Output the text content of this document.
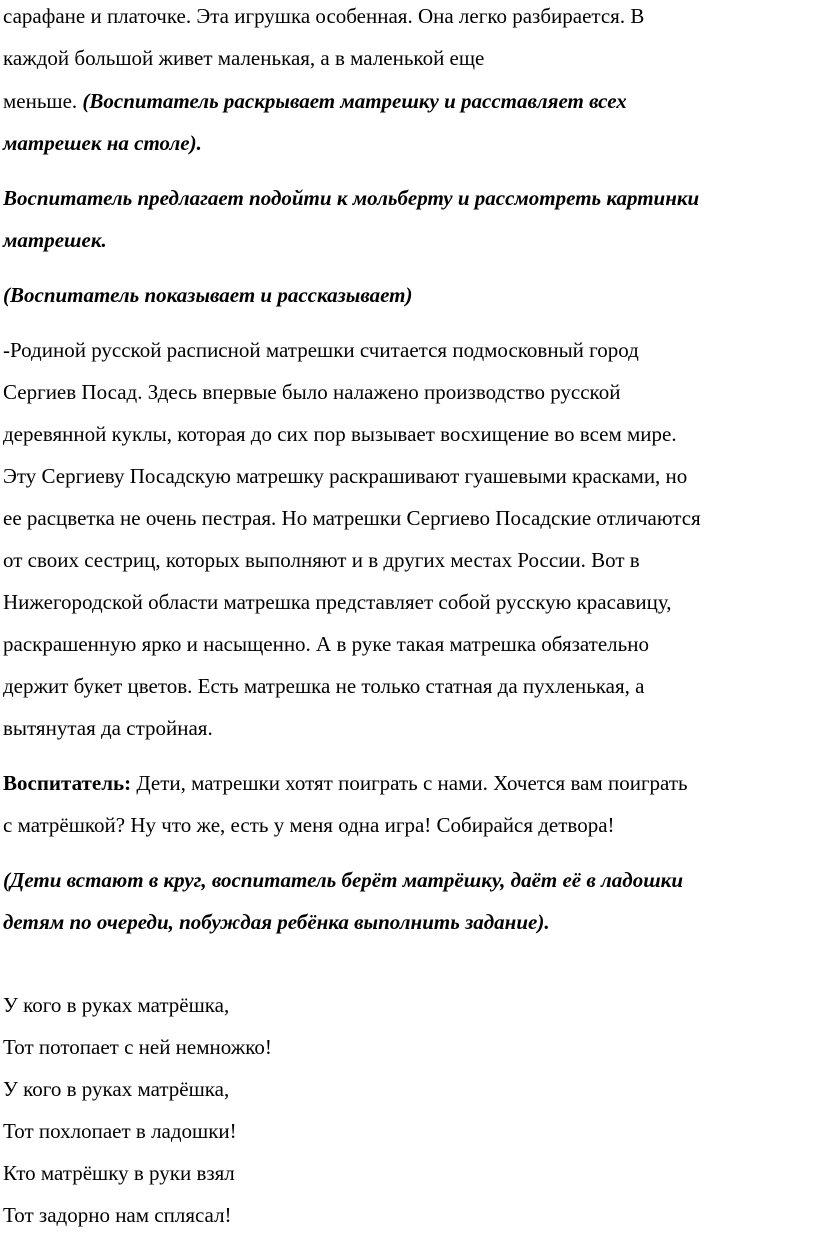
сарафане и платочке. Эта игрушка особенная. Она легко разбирается. В
каждой большой живет маленькая, а в маленькой еще
меньше. (Воспитатель раскрывает матрешку и расставляет всех
матрешек на столе).
Воспитатель предлагает подойти к мольберту и рассмотреть картинки
матрешек.
(Воспитатель показывает и рассказывает)
-Родиной русской расписной матрешки считается подмосковный город
Сергиев Посад. Здесь впервые было налажено производство русской
деревянной куклы, которая до сих пор вызывает восхищение во всем мире.
Эту Сергиеву Посадскую матрешку раскрашивают гуашевыми красками, но
ее расцветка не очень пестрая. Но матрешки Сергиево Посадские отличаются
от своих сестриц, которых выполняют и в других местах России. Вот в
Нижегородской области матрешка представляет собой русскую красавицу,
раскрашенную ярко и насыщенно. А в руке такая матрешка обязательно
держит букет цветов. Есть матрешка не только статная да пухленькая, а
вытянутая да стройная.
Воспитатель: Дети, матрешки хотят поиграть с нами. Хочется вам поиграть
с матрёшкой? Ну что же, есть у меня одна игра! Собирайся детвора!
(Дети встают в круг, воспитатель берёт матрёшку, даёт её в ладошки
детям по очереди, побуждая ребёнка выполнить задание).
У кого в руках матрёшка,
Тот потопает с ней немножко!
У кого в руках матрёшка,
Тот похлопает в ладошки!
Кто матрёшку в руки взял
Тот задорно нам сплясал!
